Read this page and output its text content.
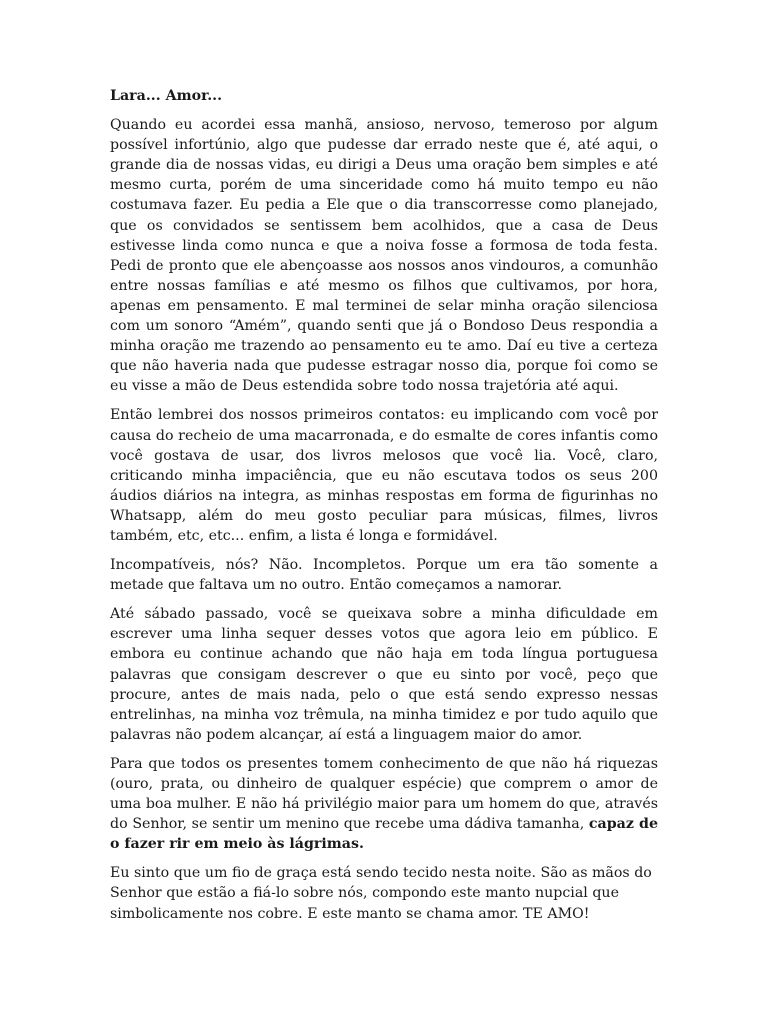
Lara... Amor...

Quando eu acordei essa manhã, ansioso, nervoso, temeroso por algum possível infortúnio, algo que pudesse dar errado neste que é, até aqui, o grande dia de nossas vidas, eu dirigi a Deus uma oração bem simples e até mesmo curta, porém de uma sinceridade como há muito tempo eu não costumava fazer. Eu pedia a Ele que o dia transcorresse como planejado, que os convidados se sentissem bem acolhidos, que a casa de Deus estivesse linda como nunca e que a noiva fosse a formosa de toda festa. Pedi de pronto que ele abençoasse aos nossos anos vindouros, a comunhão entre nossas famílias e até mesmo os filhos que cultivamos, por hora, apenas em pensamento. E mal terminei de selar minha oração silenciosa com um sonoro “Amém”, quando senti que já o Bondoso Deus respondia a minha oração me trazendo ao pensamento eu te amo. Daí eu tive a certeza que não haveria nada que pudesse estragar nosso dia, porque foi como se eu visse a mão de Deus estendida sobre todo nossa trajetória até aqui.

Então lembrei dos nossos primeiros contatos: eu implicando com você por causa do recheio de uma macarronada, e do esmalte de cores infantis como você gostava de usar, dos livros melosos que você lia. Você, claro, criticando minha impaciência, que eu não escutava todos os seus 200 áudios diários na integra, as minhas respostas em forma de figurinhas no Whatsapp, além do meu gosto peculiar para músicas, filmes, livros também, etc, etc... enfim, a lista é longa e formidável.

Incompatíveis, nós? Não. Incompletos. Porque um era tão somente a metade que faltava um no outro. Então começamos a namorar.

Até sábado passado, você se queixava sobre a minha dificuldade em escrever uma linha sequer desses votos que agora leio em público. E embora eu continue achando que não haja em toda língua portuguesa palavras que consigam descrever o que eu sinto por você, peço que procure, antes de mais nada, pelo o que está sendo expresso nessas entrelinhas, na minha voz trêmula, na minha timidez e por tudo aquilo que palavras não podem alcançar, aí está a linguagem maior do amor.

Para que todos os presentes tomem conhecimento de que não há riquezas (ouro, prata, ou dinheiro de qualquer espécie) que comprem o amor de uma boa mulher. E não há privilégio maior para um homem do que, através do Senhor, se sentir um menino que recebe uma dádiva tamanha, capaz de o fazer rir em meio às lágrimas.

Eu sinto que um fio de graça está sendo tecido nesta noite. São as mãos do Senhor que estão a fiá-lo sobre nós, compondo este manto nupcial que simbolicamente nos cobre. E este manto se chama amor. TE AMO!
